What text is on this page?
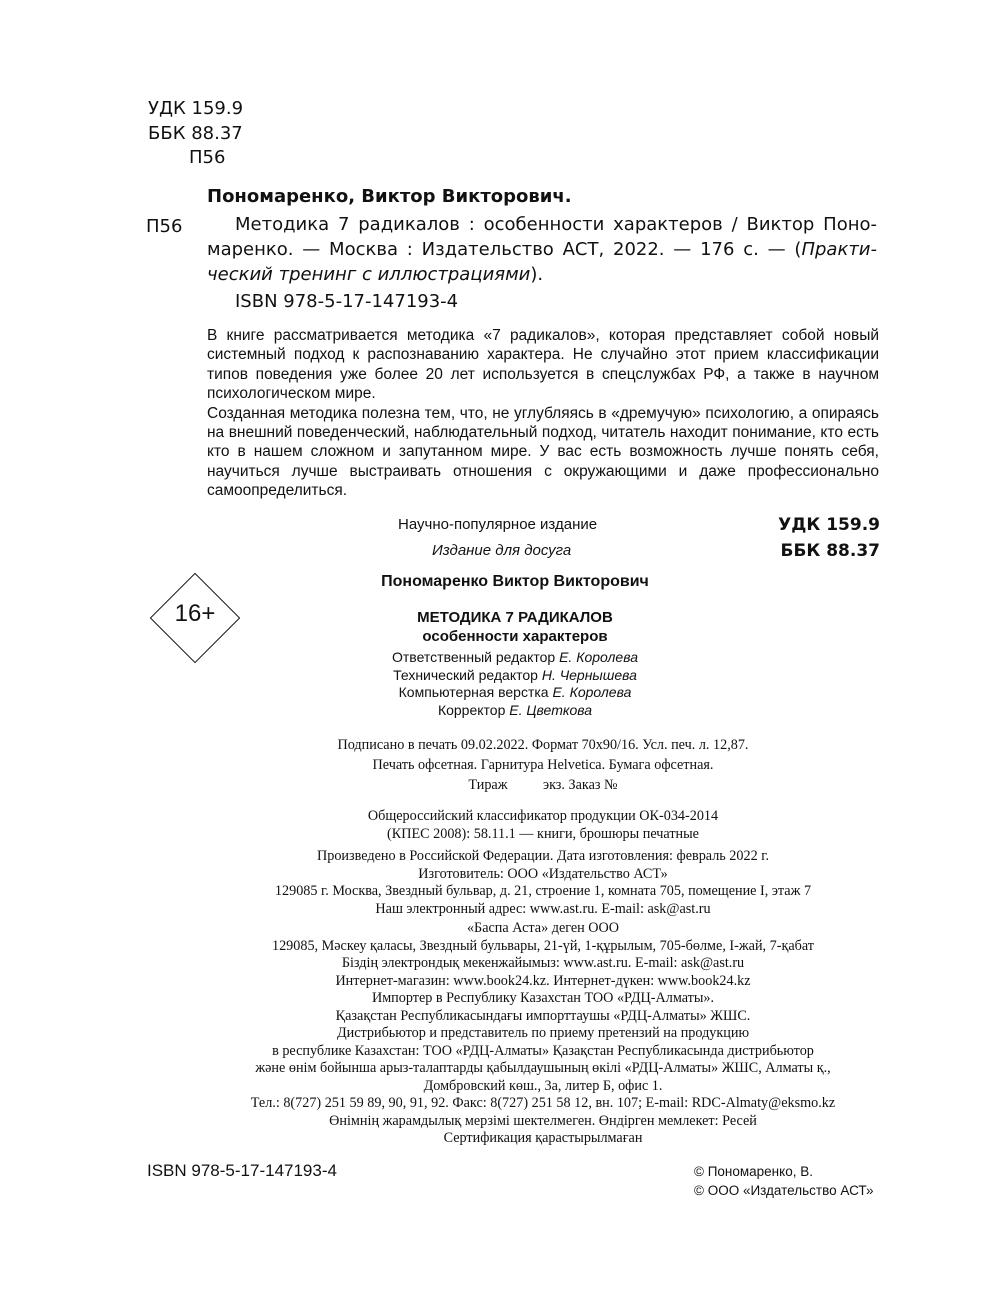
УДК 159.9
ББК 88.37
П56
Пономаренко, Виктор Викторович.
П56	Методика 7 радикалов : особенности характеров / Виктор Поно-маренко. — Москва : Издательство АСТ, 2022. — 176 с. — (Практи-ческий тренинг с иллюстрациями).
ISBN 978-5-17-147193-4

В книге рассматривается методика «7 радикалов», которая представляет собой новый системный подход к распознаванию характера. Не случайно этот прием классификации типов поведения уже более 20 лет используется в спецслужбах РФ, а также в научном психологическом мире.

Созданная методика полезна тем, что, не углубляясь в «дремучую» психологию, а опираясь на внешний поведенческий, наблюдательный подход, читатель находит понимание, кто есть кто в нашем сложном и запутанном мире. У вас есть возможность лучше понять себя, научиться лучше выстраивать отношения с окружающими и даже профессионально самоопределиться.

Научно-популярное издание
Издание для досуга
УДК 159.9
ББК 88.37
16+
Пономаренко Виктор Викторович
МЕТОДИКА 7 РАДИКАЛОВ
особенности характеров
Ответственный редактор Е. Королева
Технический редактор Н. Чернышева
Компьютерная верстка Е. Королева
Корректор Е. Цветкова
Подписано в печать 09.02.2022. Формат 70х90/16. Усл. печ. л. 12,87.
Печать офсетная. Гарнитура Helvetica. Бумага офсетная.
Тираж          экз. Заказ №
Общероссийский классификатор продукции ОК-034-2014
(КПЕС 2008): 58.11.1 — книги, брошюры печатные
Произведено в Российской Федерации. Дата изготовления: февраль 2022 г.
Изготовитель: ООО «Издательство АСТ»
129085 г. Москва, Звездный бульвар, д. 21, строение 1, комната 705, помещение I, этаж 7
Наш электронный адрес: www.ast.ru. E-mail: ask@ast.ru
«Баспа Аста» деген ООО
129085, Мәскеу қаласы, Звездный бульвары, 21-үй, 1-құрылым, 705-бөлме, I-жай, 7-қабат
Біздің электрондық мекенжайымыз: www.ast.ru. E-mail: ask@ast.ru
Интернет-магазин: www.book24.kz. Интернет-дүкен: www.book24.kz
Импортер в Республику Казахстан ТОО «РДЦ-Алматы».
Қазақстан Республикасындағы импорттаушы «РДЦ-Алматы» ЖШС.
Дистрибьютор и представитель по приему претензий на продукцию
в республике Казахстан: ТОО «РДЦ-Алматы» Қазақстан Республикасында дистрибьютор
және өнім бойынша арыз-талаптарды қабылдаушының өкілі «РДЦ-Алматы» ЖШС, Алматы қ.,
Домбровский көш., 3а, литер Б, офис 1.
Тел.: 8(727) 251 59 89, 90, 91, 92. Факс: 8(727) 251 58 12, вн. 107; E-mail: RDC-Almaty@eksmo.kz
Өнімнің жарамдылық мерзімі шектелмеген. Өндірген мемлекет: Ресей
Сертификация қарастырылмаған
ISBN 978-5-17-147193-4	© Пономаренко, В.
© ООО «Издательство АСТ»
